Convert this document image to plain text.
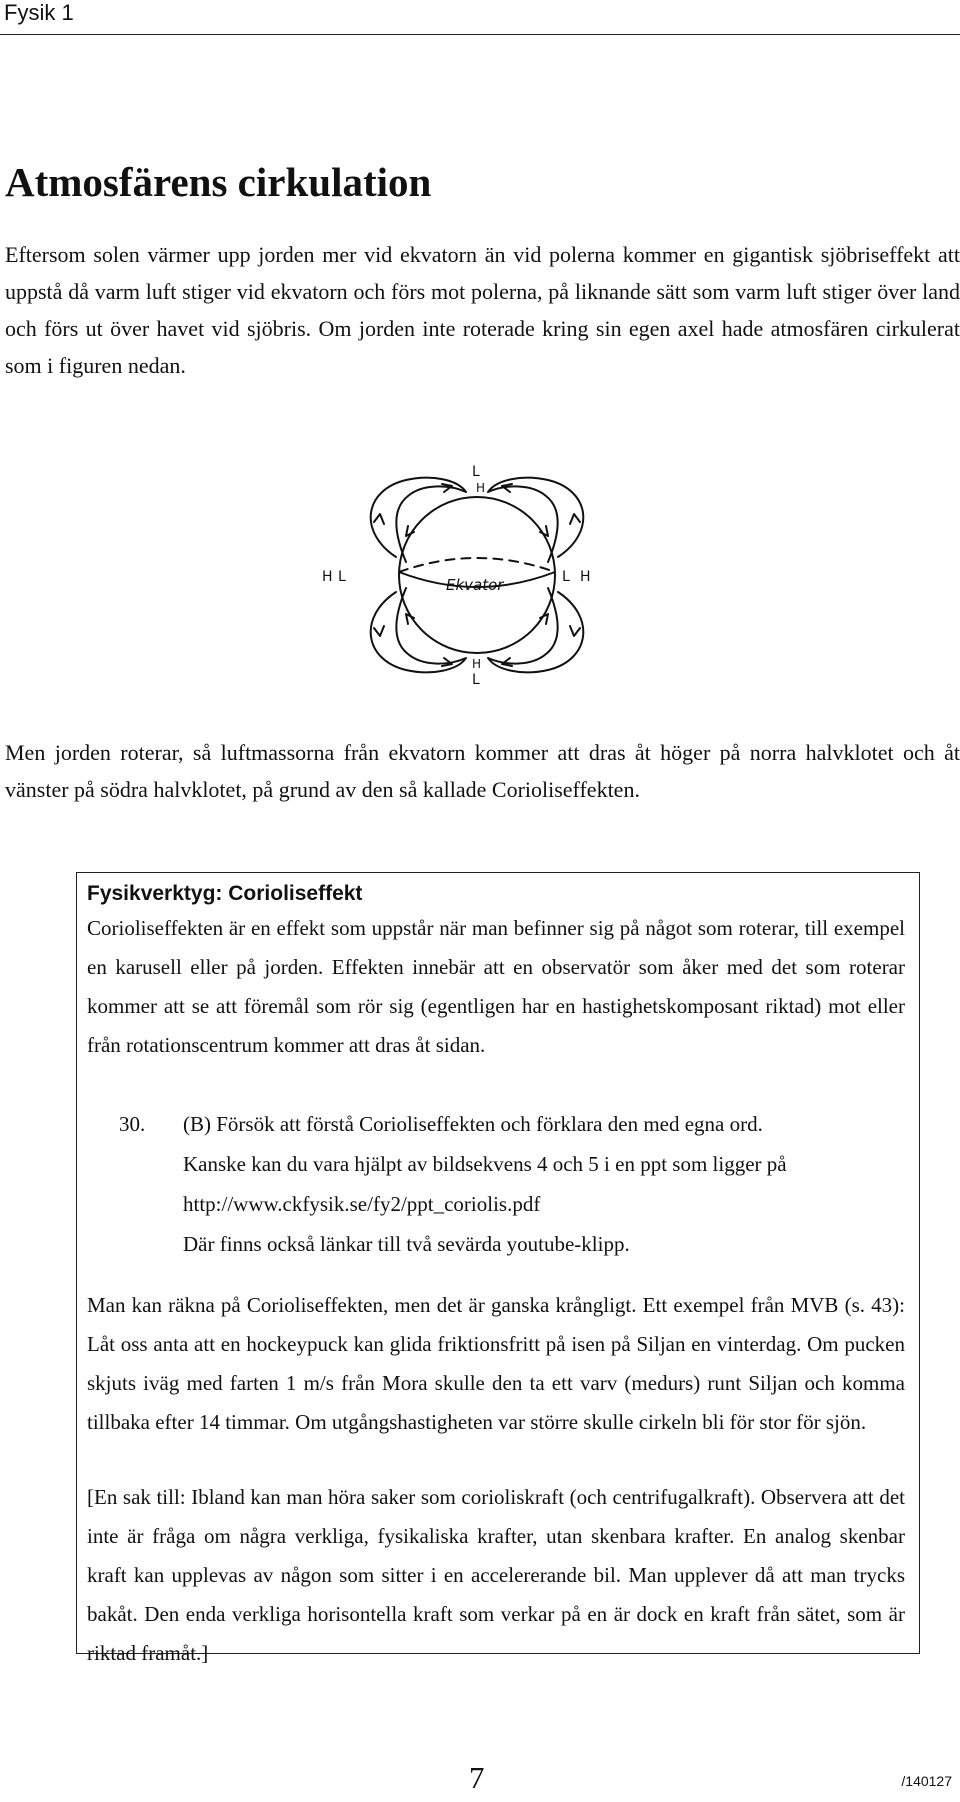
Fysik 1
Atmosfärens cirkulation

Eftersom solen värmer upp jorden mer vid ekvatorn än vid polerna kommer en gigantisk sjöbriseffekt att uppstå då varm luft stiger vid ekvatorn och förs mot polerna, på liknande sätt som varm luft stiger över land och förs ut över havet vid sjöbris. Om jorden inte roterade kring sin egen axel hade atmosfären cirkulerat som i figuren nedan.

L
H
H
L
H L	L H
Ekvator

Men jorden roterar, så luftmassorna från ekvatorn kommer att dras åt höger på norra halvklotet och åt vänster på södra halvklotet, på grund av den så kallade Corioliseffekten.

Fysikverktyg: Corioliseffekt

Corioliseffekten är en effekt som uppstår när man befinner sig på något som roterar, till exempel en karusell eller på jorden. Effekten innebär att en observatör som åker med det som roterar kommer att se att föremål som rör sig (egentligen har en hastighetskomposant riktad) mot eller från rotationscentrum kommer att dras åt sidan.

30. (B) Försök att förstå Corioliseffekten och förklara den med egna ord.
Kanske kan du vara hjälpt av bildsekvens 4 och 5 i en ppt som ligger på
http://www.ckfysik.se/fy2/ppt_coriolis.pdf
Där finns också länkar till två sevärda youtube-klipp.

Man kan räkna på Corioliseffekten, men det är ganska krångligt. Ett exempel från MVB (s. 43): Låt oss anta att en hockeypuck kan glida friktionsfritt på isen på Siljan en vinterdag. Om pucken skjuts iväg med farten 1 m/s från Mora skulle den ta ett varv (medurs) runt Siljan och komma tillbaka efter 14 timmar. Om utgångshastigheten var större skulle cirkeln bli för stor för sjön.

[En sak till: Ibland kan man höra saker som corioliskraft (och centrifugalkraft). Observera att det inte är fråga om några verkliga, fysikaliska krafter, utan skenbara krafter. En analog skenbar kraft kan upplevas av någon som sitter i en accelererande bil. Man upplever då att man trycks bakåt. Den enda verkliga horisontella kraft som verkar på en är dock en kraft från sätet, som är riktad framåt.]

7	/140127
